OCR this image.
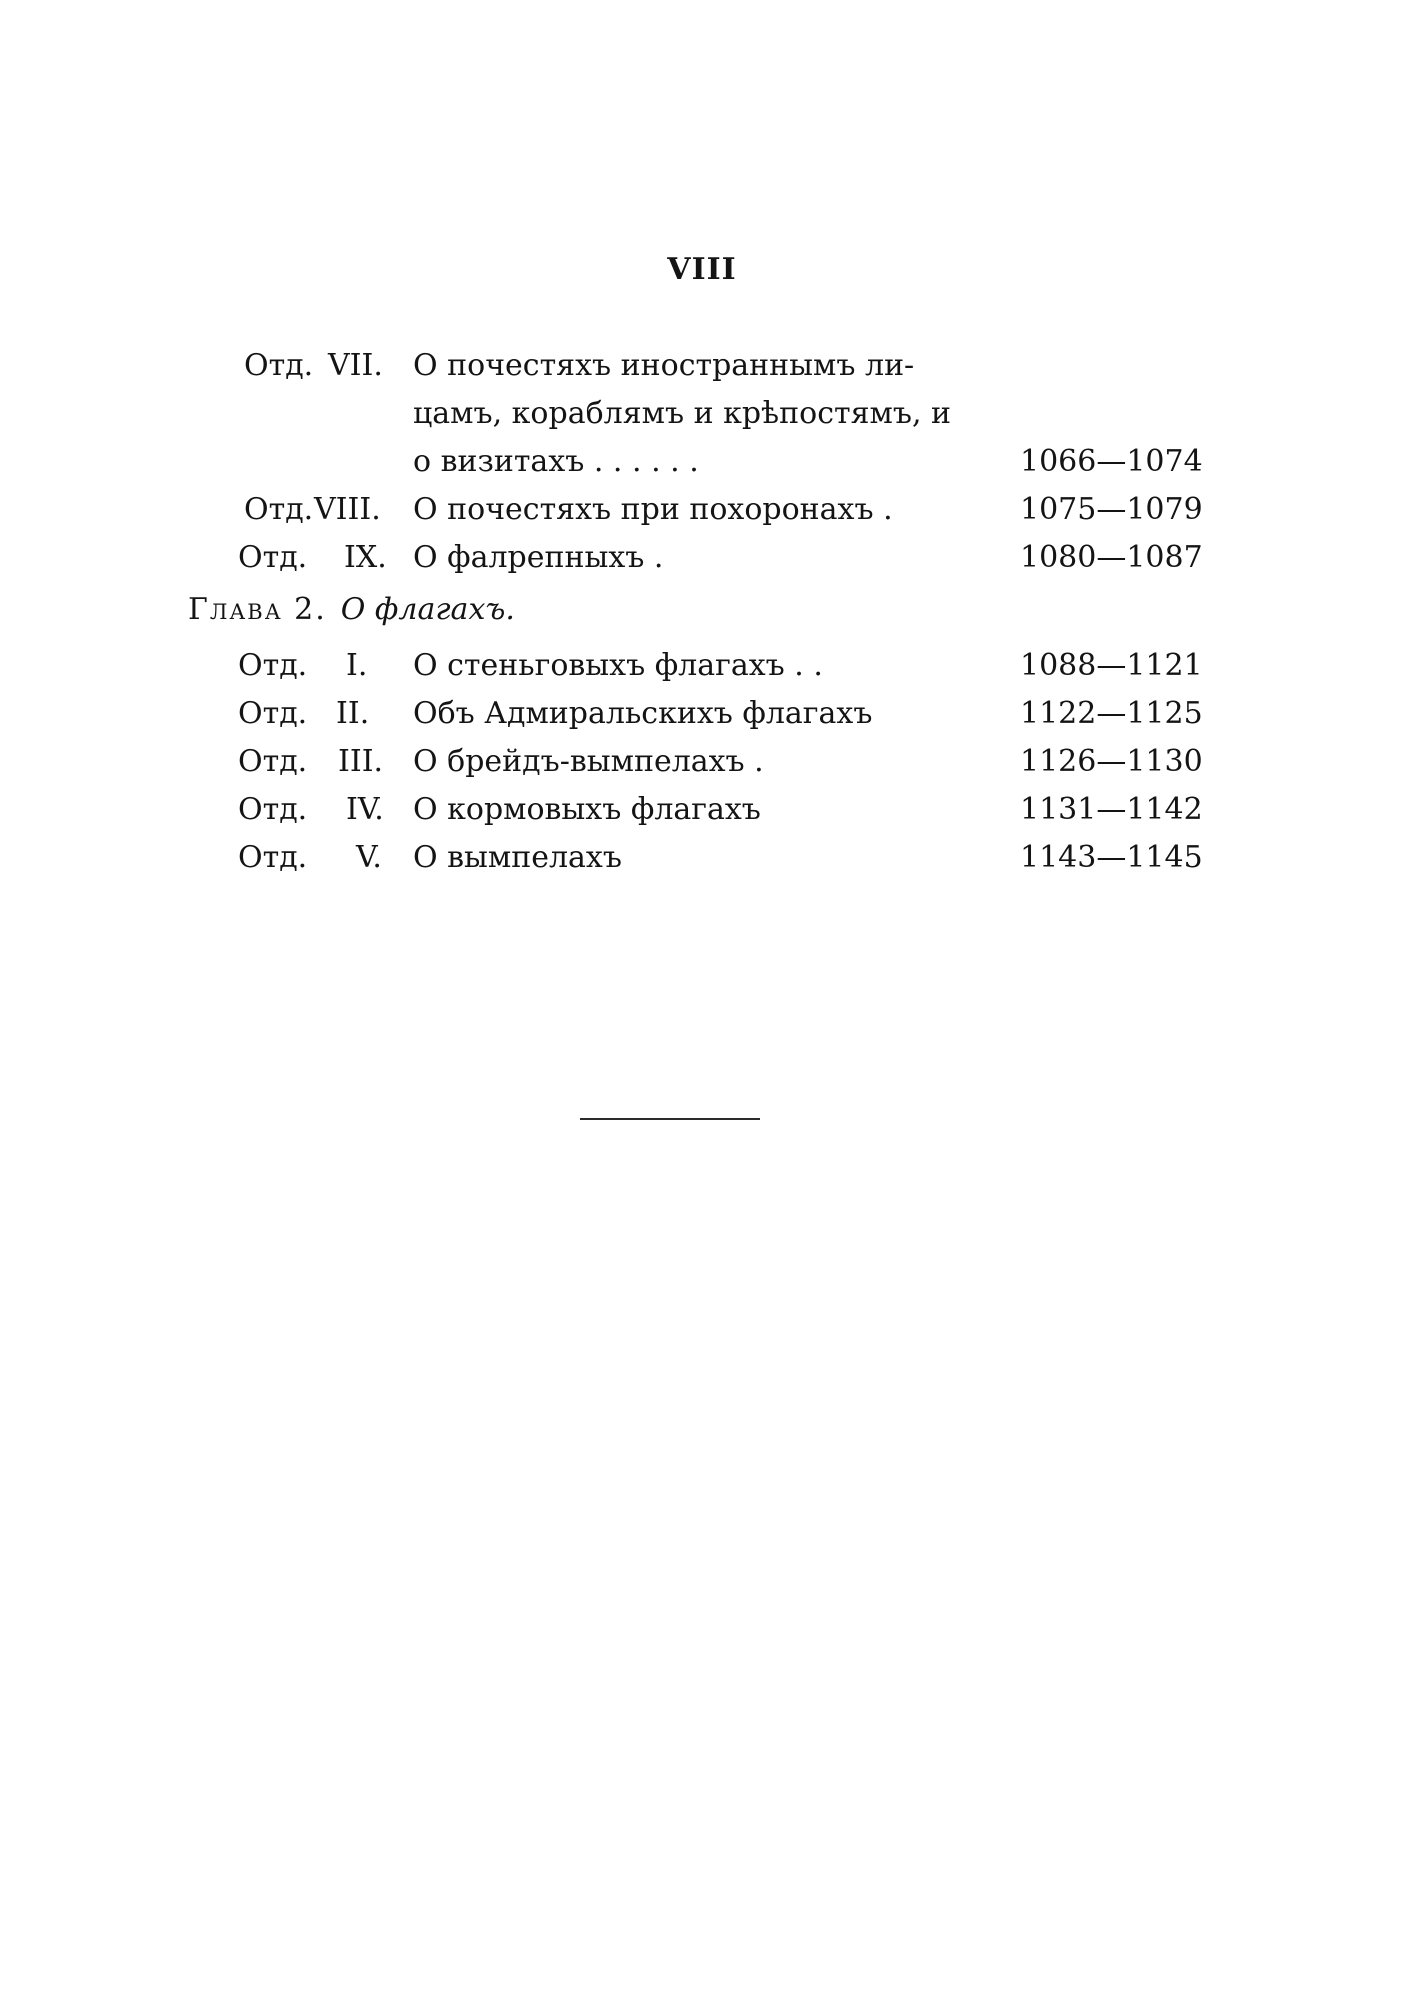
VIII
Отд. VII. О почестяхъ иностраннымъ ли-
цамъ, кораблямъ и крѣпостямъ, и
о визитахъ . . . . . .	1066—1074
Отд. VIII. О почестяхъ при похоронахъ .	1075—1079
Отд. IX. О фалрепныхъ .	1080—1087
Глава 2. О флагахъ.
Отд. I. О стеньговыхъ флагахъ . .	1088—1121
Отд. II. Объ Адмиральскихъ флагахъ	1122—1125
Отд. III. О брейдъ-вымпелахъ .	1126—1130
Отд. IV. О кормовыхъ флагахъ	1131—1142
Отд. V. О вымпелахъ	1143—1145
